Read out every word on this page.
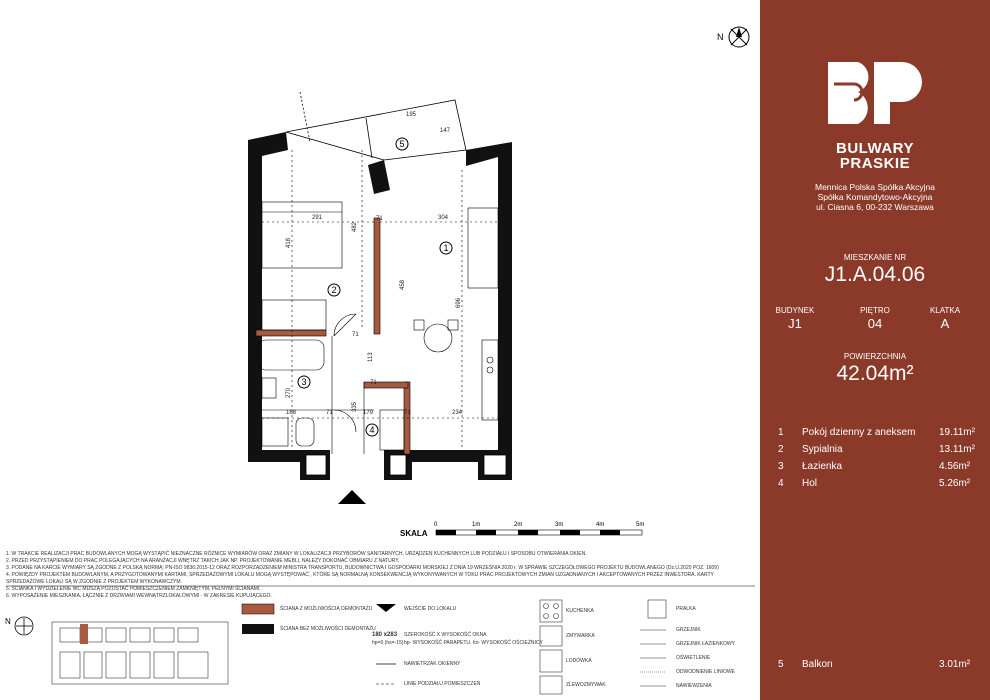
N
1
2
3
4
5
291	304
418
482
458
696
270
168	179	234
335
113
195
147
71
71
71
71	71
SKALA
0	1m	2m	3m	4m	5m
N
1. W TRAKCIE REALIZACJI PRAC BUDOWLANYCH MOGĄ WYSTĄPIĆ NIEZNACZNE RÓŻNICE WYMIARÓW ORAZ ZMIANY W LOKALIZACJI PRZYBORÓW SANITARNYCH, URZĄDZEŃ KUCHENNYCH LUB PODZIAŁU I SPOSOBU OTWIERANIA OKIEN.
2. PRZED PRZYSTĄPIENIEM DO PRAC POLEGAJĄCYCH NA ARANŻACJI WNĘTRZ TAKICH JAK NP. PROJEKTOWANIE MEBLI, NALEŻY DOKONAĆ OBMIARU Z NATURY.
3. PODANE NA KARCIE WYMIARY SĄ ZGODNE Z POLSKĄ NORMĄ: PN-ISO 9836:2015-12 ORAZ ROZPORZĄDZENIEM MINISTRA TRANSPORTU, BUDOWNICTWA I GOSPODARKI MORSKIEJ Z DNIA 19 WRZEŚNIA 2020 r. W SPRAWIE SZCZEGÓŁOWEGO PROJEKTU BUDOWLANEGO (Dz.U.2020 POZ. 1609)
4. POWIĘZDY PROJEKTEM BUDOWLANYM, A PRZYGOTOWANYMI KARTAMI, SPRZEDAŻOWYMI LOKALU MOGĄ WYSTĘPOWAĆ , KTÓRE SĄ NORMALNĄ KONSEKWENCJĄ WYKONYWANYCH W TOKU PRAC PROJEKTOWYCH ZMIAN UZGADNIANYCH I AKCEPTOWANYCH PRZEZ INWESTORA. KARTY SPRZEDAŻOWE LOKALI SĄ W ZGODNIE Z PROJEKTEM WYKONAWCZYM.
5. ŚCIANKA I WYDZIELENIE WC MUSZĄ POZOSTAĆ POMIESZCZENIEM ZAMKNIĘTYM, PEŁNYMI ŚCIANAMI.
6. WYPOSAŻENIE MIESZKANIA, ŁĄCZNIE Z DRZWIAMI WEWNĄTRZLOKALOWYMI - W ZAKRESIE KUPUJĄCEGO.
ŚCIANA Z MOŻLIWOŚCIĄ DEMONTAŻU
ŚCIANA BEZ MOŻLIWOŚCI DEMONTAŻU
WEJŚCIE DO LOKALU
180 x283
hp=0 (hs=-15)
SZEROKOŚĆ X WYSOKOŚĆ OKNA
hp- WYSOKOŚĆ PARAPETU, ho- WYSOKOŚĆ OŚCIEŻNICY
NAWIETRZAK OKIENNY
LINIE PODZIAŁU POMIESZCZEŃ
KUCHENKA
ZMYWARKA
LODÓWKA
ZLEWOZMYWAK
PRALKA
GRZEJNIK
GRZEJNIK ŁAZIENKOWY
OŚWIETLENIE
ODWODNIENIE LINIOWE
NAWIEWZENIA
BULWARY
PRASKIE
Mennica Polska Spółka Akcyjna
Spółka Komandytowo-Akcyjna
ul. Ciasna 6, 00-232 Warszawa
MIESZKANIE NR
J1.A.04.06
BUDYNEK	PIĘTRO	KLATKA
J1	04	A
POWIERZCHNIA
42.04m²
1 Pokój dzienny z aneksem 19.11m²
2 Sypialnia	13.11m²
3 Łazienka	4.56m²
4 Hol	5.26m²
5 Balkon	3.01m²
